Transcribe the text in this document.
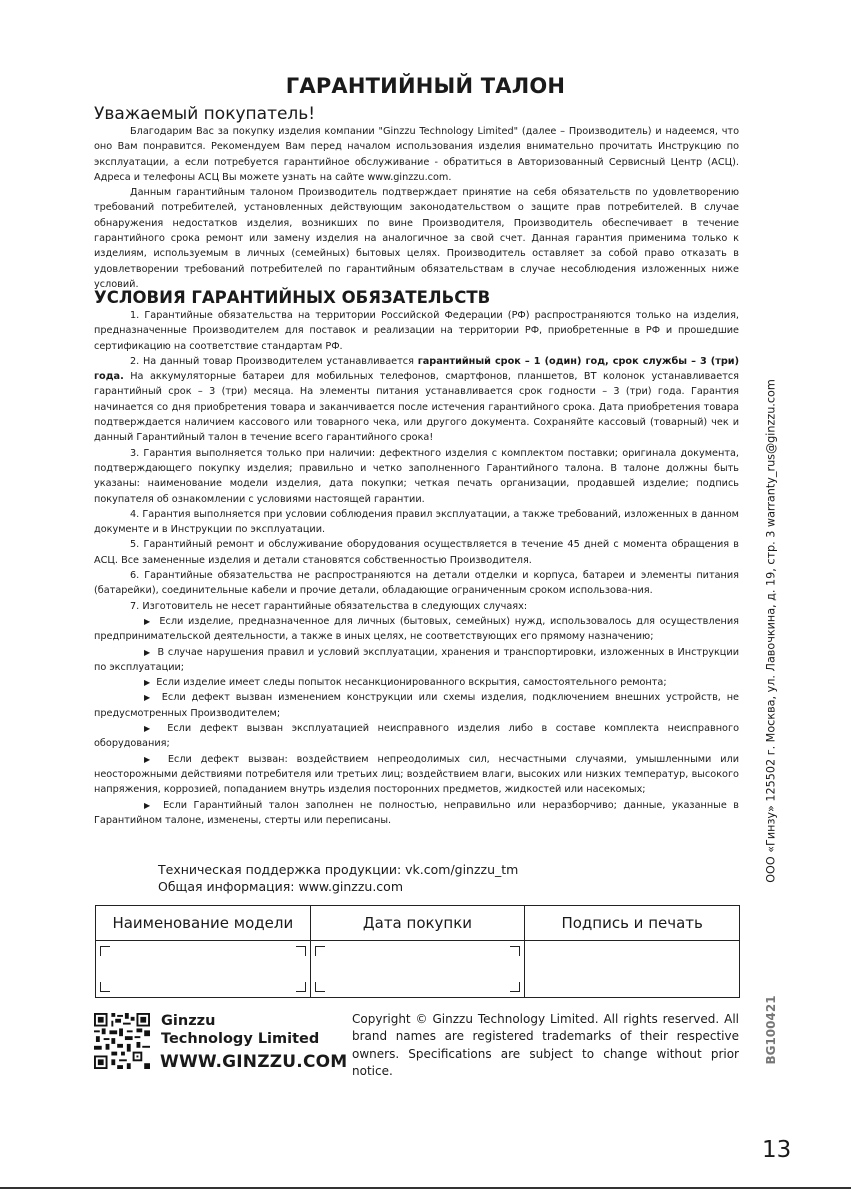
ГАРАНТИЙНЫЙ ТАЛОН
Уважаемый покупатель!

Благодарим Вас за покупку изделия компании "Ginzzu Technology Limited" (далее – Производитель) и надеемся, что оно Вам понравится. Рекомендуем Вам перед началом использования изделия внимательно прочитать Инструкцию по эксплуатации, а если потребуется гарантийное обслуживание - обратиться в Авторизованный Сервисный Центр (АСЦ). Адреса и телефоны АСЦ Вы можете узнать на сайте www.ginzzu.com.

Данным гарантийным талоном Производитель подтверждает принятие на себя обязательств по удовлетворению требований потребителей, установленных действующим законодательством о защите прав потребителей. В случае обнаружения недостатков изделия, возникших по вине Производителя, Производитель обеспечивает в течение гарантийного срока ремонт или замену изделия на аналогичное за свой счет. Данная гарантия применима только к изделиям, используемым в личных (семейных) бытовых целях. Производитель оставляет за собой право отказать в удовлетворении требований потребителей по гарантийным обязательствам в случае несоблюдения изложенных ниже условий.

УСЛОВИЯ ГАРАНТИЙНЫХ ОБЯЗАТЕЛЬСТВ

1. Гарантийные обязательства на территории Российской Федерации (РФ) распространяются только на изделия, предназначенные Производителем для поставок и реализации на территории РФ, приобретенные в РФ и прошедшие сертификацию на соответствие стандартам РФ.

2. На данный товар Производителем устанавливается гарантийный срок – 1 (один) год, срок службы – 3 (три) года. На аккумуляторные батареи для мобильных телефонов, смартфонов, планшетов, BT колонок устанавливается гарантийный срок – 3 (три) месяца. На элементы питания устанавливается срок годности – 3 (три) года. Гарантия начинается со дня приобретения товара и заканчивается после истечения гарантийного срока. Дата приобретения товара подтверждается наличием кассового или товарного чека, или другого документа. Сохраняйте кассовый (товарный) чек и данный Гарантийный талон в течение всего гарантийного срока!

3. Гарантия выполняется только при наличии: дефектного изделия с комплектом поставки; оригинала документа, подтверждающего покупку изделия; правильно и четко заполненного Гарантийного талона. В талоне должны быть указаны: наименование модели изделия, дата покупки; четкая печать организации, продавшей изделие; подпись покупателя об ознакомлении с условиями настоящей гарантии.

4. Гарантия выполняется при условии соблюдения правил эксплуатации, а также требований, изложенных в данном документе и в Инструкции по эксплуатации.

5. Гарантийный ремонт и обслуживание оборудования осуществляется в течение 45 дней с момента обращения в АСЦ. Все замененные изделия и детали становятся собственностью Производителя.

6. Гарантийные обязательства не распространяются на детали отделки и корпуса, батареи и элементы питания (батарейки), соединительные кабели и прочие детали, обладающие ограниченным сроком использова-ния.

7. Изготовитель не несет гарантийные обязательства в следующих случаях:

▶ Если изделие, предназначенное для личных (бытовых, семейных) нужд, использовалось для осуществления предпринимательской деятельности, а также в иных целях, не соответствующих его прямому назначению;

▶ В случае нарушения правил и условий эксплуатации, хранения и транспортировки, изложенных в Инструкции по эксплуатации;

▶ Если изделие имеет следы попыток несанкционированного вскрытия, самостоятельного ремонта;

▶ Если дефект вызван изменением конструкции или схемы изделия, подключением внешних устройств, не предусмотренных Производителем;

▶ Если дефект вызван эксплуатацией неисправного изделия либо в составе комплекта неисправного оборудования;

▶ Если дефект вызван: воздействием непреодолимых сил, несчастными случаями, умышленными или неосторожными действиями потребителя или третьих лиц; воздействием влаги, высоких или низких температур, высокого напряжения, коррозией, попаданием внутрь изделия посторонних предметов, жидкостей или насекомых;

▶ Если Гарантийный талон заполнен не полностью, неправильно или неразборчиво; данные, указанные в Гарантийном талоне, изменены, стерты или переписаны.

Техническая поддержка продукции: vk.com/ginzzu_tm
Общая информация: www.ginzzu.com
Наименование модели	Дата покупки	Подпись и печать

Ginzzu
Technology Limited
WWW.GINZZU.COM
Copyright © Ginzzu Technology Limited. All rights reserved. All brand names are registered trademarks of their respective owners. Specifications are subject to change without prior notice.
ООО «Гинзу» 125502 г. Москва, ул. Лавочкина, д. 19, стр. 3 warranty_rus@ginzzu.com
BG100421
13
